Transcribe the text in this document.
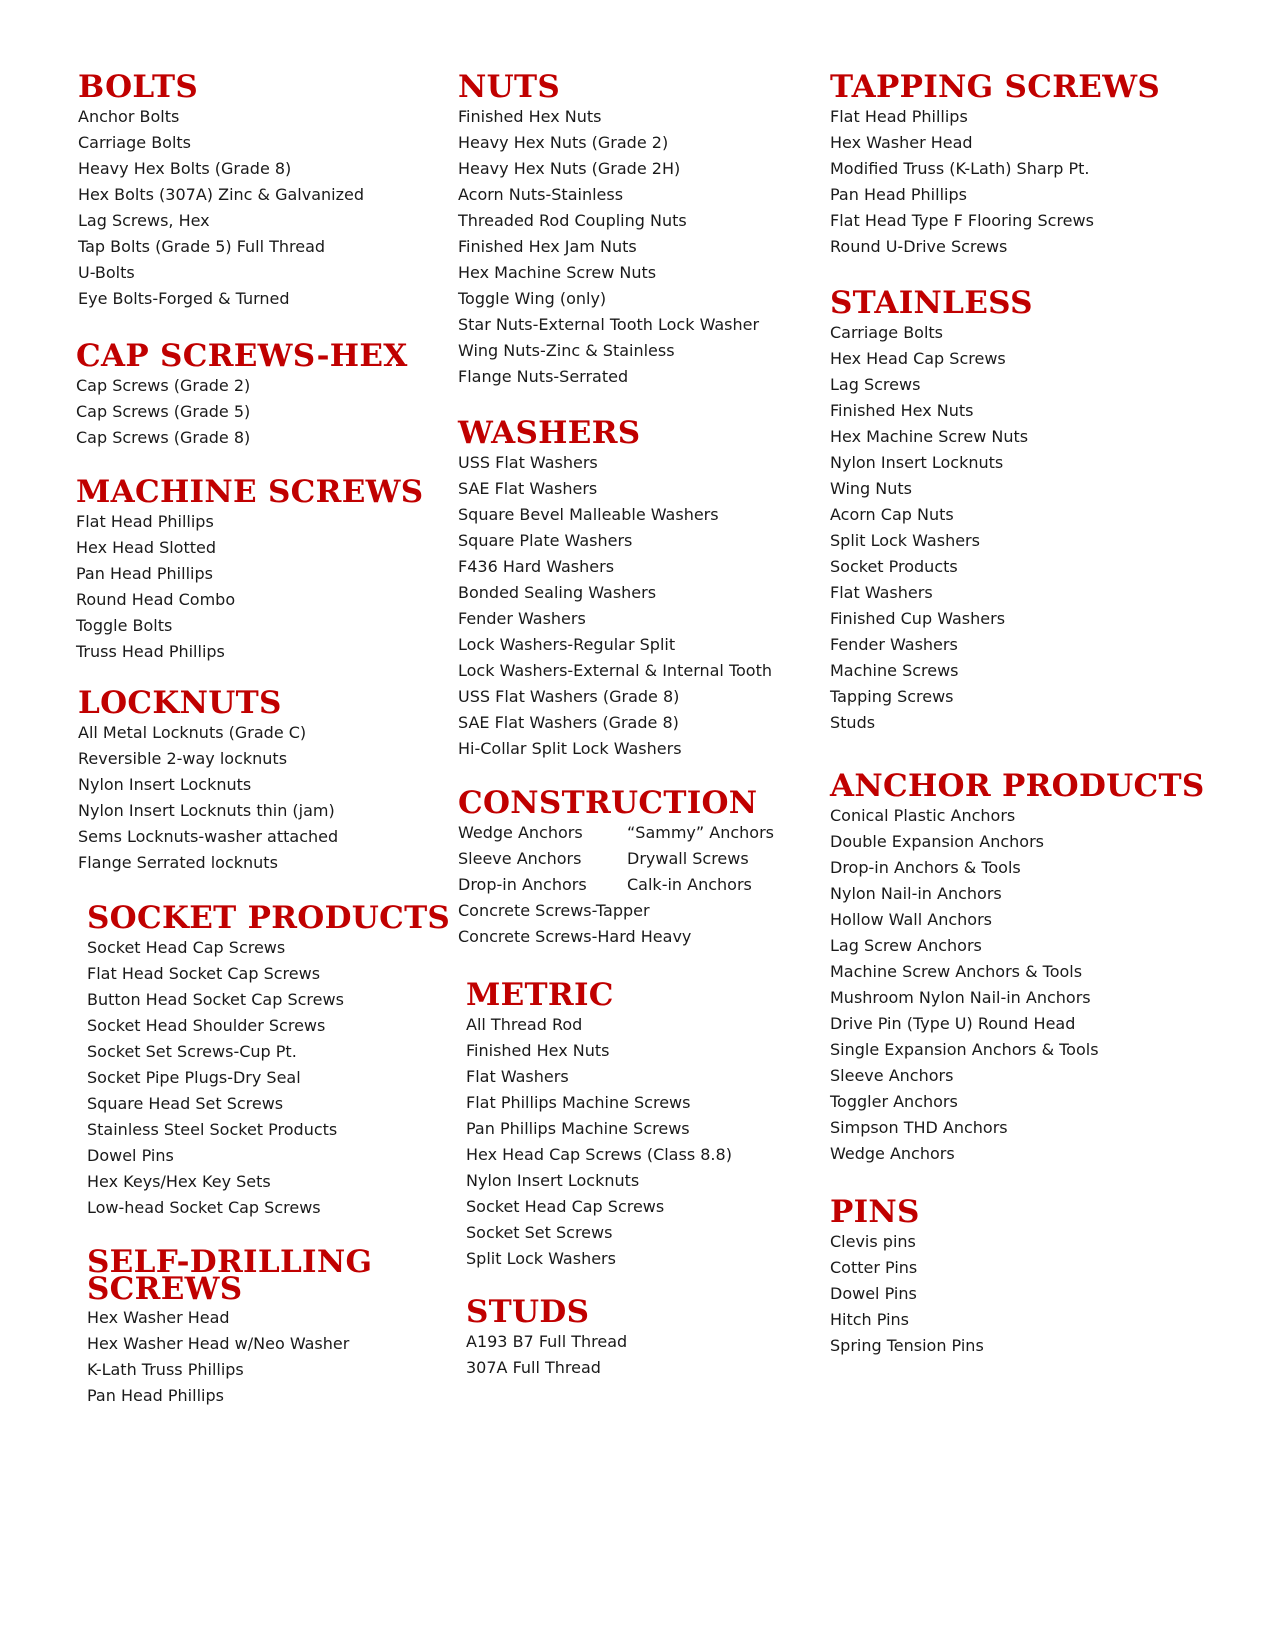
BOLTS
Anchor Bolts
Carriage Bolts
Heavy Hex Bolts (Grade 8)
Hex Bolts (307A) Zinc & Galvanized
Lag Screws, Hex
Tap Bolts (Grade 5) Full Thread
U-Bolts
Eye Bolts-Forged & Turned
CAP SCREWS-HEX
Cap Screws (Grade 2)
Cap Screws (Grade 5)
Cap Screws (Grade 8)
MACHINE SCREWS
Flat Head Phillips
Hex Head Slotted
Pan Head Phillips
Round Head Combo
Toggle Bolts
Truss Head Phillips
LOCKNUTS
All Metal Locknuts (Grade C)
Reversible 2-way locknuts
Nylon Insert Locknuts
Nylon Insert Locknuts thin (jam)
Sems Locknuts-washer attached
Flange Serrated locknuts
SOCKET PRODUCTS
Socket Head Cap Screws
Flat Head Socket Cap Screws
Button Head Socket Cap Screws
Socket Head Shoulder Screws
Socket Set Screws-Cup Pt.
Socket Pipe Plugs-Dry Seal
Square Head Set Screws
Stainless Steel Socket Products
Dowel Pins
Hex Keys/Hex Key Sets
Low-head Socket Cap Screws
SELF-DRILLING
SCREWS
Hex Washer Head
Hex Washer Head w/Neo Washer
K-Lath Truss Phillips
Pan Head Phillips
NUTS
Finished Hex Nuts
Heavy Hex Nuts (Grade 2)
Heavy Hex Nuts (Grade 2H)
Acorn Nuts-Stainless
Threaded Rod Coupling Nuts
Finished Hex Jam Nuts
Hex Machine Screw Nuts
Toggle Wing (only)
Star Nuts-External Tooth Lock Washer
Wing Nuts-Zinc & Stainless
Flange Nuts-Serrated
WASHERS
USS Flat Washers
SAE Flat Washers
Square Bevel Malleable Washers
Square Plate Washers
F436 Hard Washers
Bonded Sealing Washers
Fender Washers
Lock Washers-Regular Split
Lock Washers-External & Internal Tooth
USS Flat Washers (Grade 8)
SAE Flat Washers (Grade 8)
Hi-Collar Split Lock Washers
CONSTRUCTION
Wedge Anchors	“Sammy” Anchors
Sleeve Anchors	Drywall Screws
Drop-in Anchors	Calk-in Anchors
Concrete Screws-Tapper
Concrete Screws-Hard Heavy
METRIC
All Thread Rod
Finished Hex Nuts
Flat Washers
Flat Phillips Machine Screws
Pan Phillips Machine Screws
Hex Head Cap Screws (Class 8.8)
Nylon Insert Locknuts
Socket Head Cap Screws
Socket Set Screws
Split Lock Washers
STUDS
A193 B7 Full Thread
307A Full Thread
TAPPING SCREWS
Flat Head Phillips
Hex Washer Head
Modified Truss (K-Lath) Sharp Pt.
Pan Head Phillips
Flat Head Type F Flooring Screws
Round U-Drive Screws
STAINLESS
Carriage Bolts
Hex Head Cap Screws
Lag Screws
Finished Hex Nuts
Hex Machine Screw Nuts
Nylon Insert Locknuts
Wing Nuts
Acorn Cap Nuts
Split Lock Washers
Socket Products
Flat Washers
Finished Cup Washers
Fender Washers
Machine Screws
Tapping Screws
Studs
ANCHOR PRODUCTS
Conical Plastic Anchors
Double Expansion Anchors
Drop-in Anchors & Tools
Nylon Nail-in Anchors
Hollow Wall Anchors
Lag Screw Anchors
Machine Screw Anchors & Tools
Mushroom Nylon Nail-in Anchors
Drive Pin (Type U) Round Head
Single Expansion Anchors & Tools
Sleeve Anchors
Toggler Anchors
Simpson THD Anchors
Wedge Anchors
PINS
Clevis pins
Cotter Pins
Dowel Pins
Hitch Pins
Spring Tension Pins
